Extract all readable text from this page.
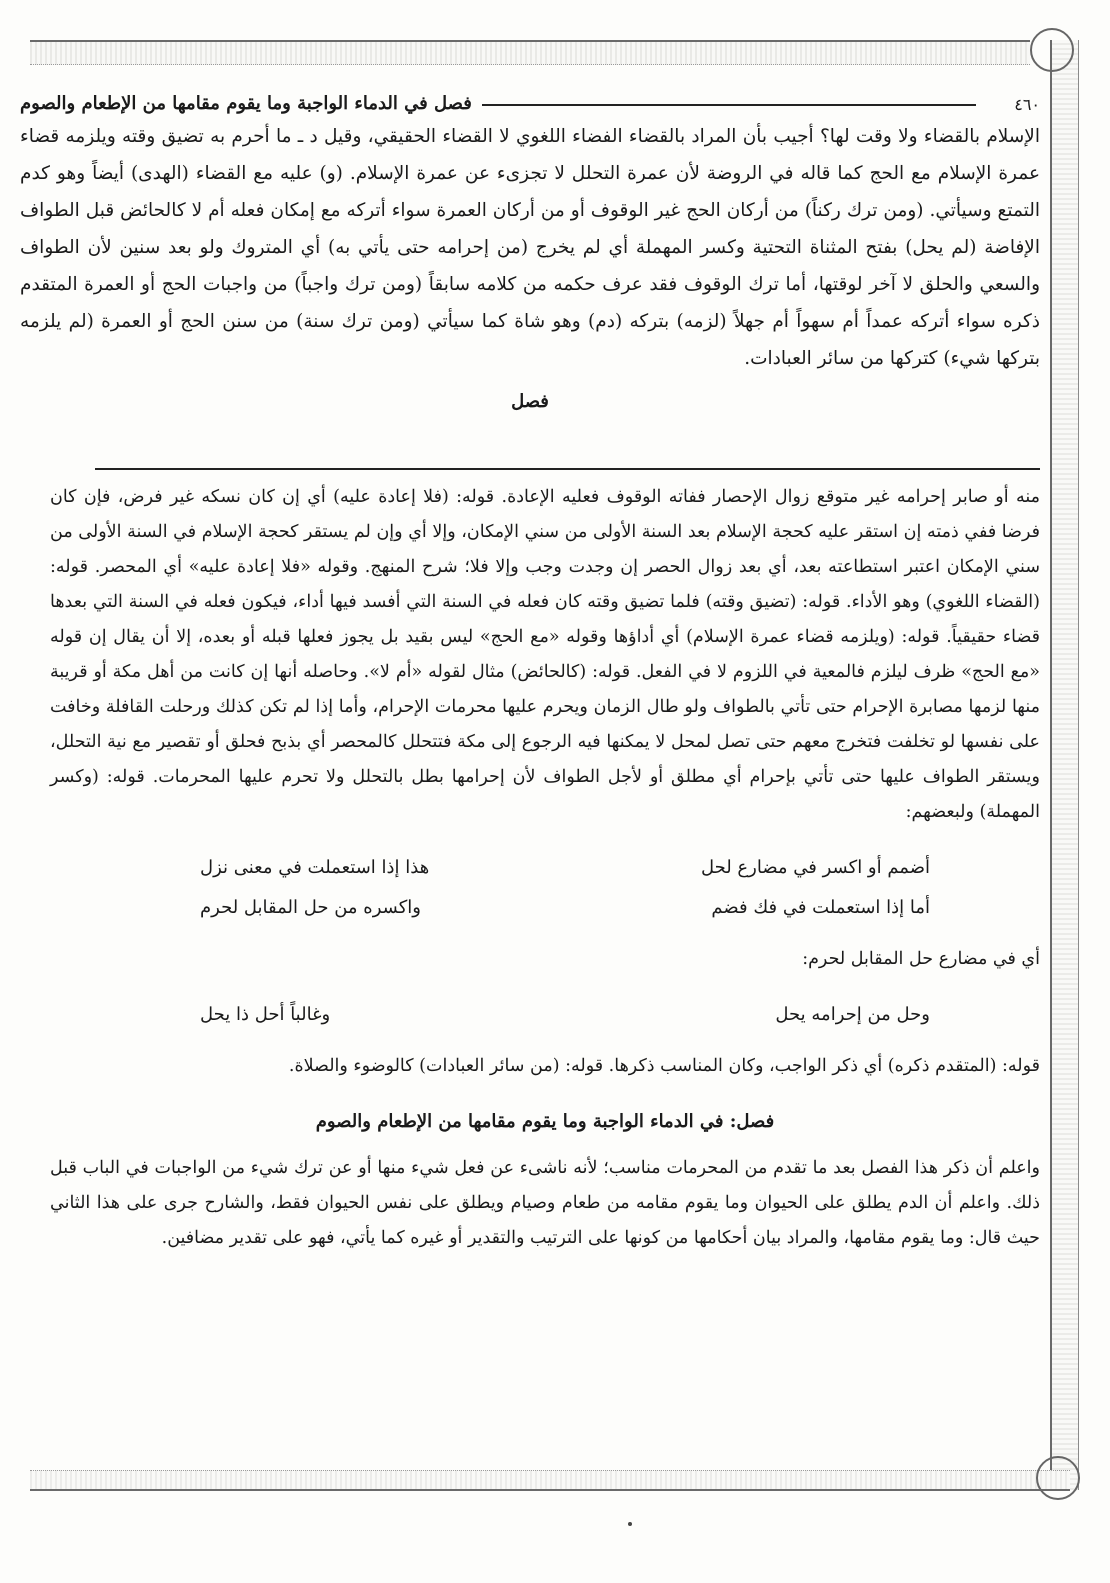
٤٦٠
فصل في الدماء الواجبة وما يقوم مقامها من الإطعام والصوم

الإسلام بالقضاء ولا وقت لها؟ أجيب بأن المراد بالقضاء الفضاء اللغوي لا القضاء الحقيقي، وقيل د ـ ما أحرم به تضيق وقته ويلزمه قضاء عمرة الإسلام مع الحج كما قاله في الروضة لأن عمرة التحلل لا تجزىء عن عمرة الإسلام. (و) عليه مع القضاء (الهدى) أيضاً وهو كدم التمتع وسيأتي. (ومن ترك ركناً) من أركان الحج غير الوقوف أو من أركان العمرة سواء أتركه مع إمكان فعله أم لا كالحائض قبل الطواف الإفاضة (لم يحل) بفتح المثناة التحتية وكسر المهملة أي لم يخرج (من إحرامه حتى يأتي به) أي المتروك ولو بعد سنين لأن الطواف والسعي والحلق لا آخر لوقتها، أما ترك الوقوف فقد عرف حكمه من كلامه سابقاً (ومن ترك واجباً) من واجبات الحج أو العمرة المتقدم ذكره سواء أتركه عمداً أم سهواً أم جهلاً (لزمه) بتركه (دم) وهو شاة كما سيأتي (ومن ترك سنة) من سنن الحج أو العمرة (لم يلزمه بتركها شيء) كتركها من سائر العبادات.

فصل

منه أو صابر إحرامه غير متوقع زوال الإحصار ففاته الوقوف فعليه الإعادة. قوله: (فلا إعادة عليه) أي إن كان نسكه غير فرض، فإن كان فرضا ففي ذمته إن استقر عليه كحجة الإسلام بعد السنة الأولى من سني الإمكان، وإلا أي وإن لم يستقر كحجة الإسلام في السنة الأولى من سني الإمكان اعتبر استطاعته بعد، أي بعد زوال الحصر إن وجدت وجب وإلا فلا؛ شرح المنهج. وقوله «فلا إعادة عليه» أي المحصر. قوله: (القضاء اللغوي) وهو الأداء. قوله: (تضيق وقته) فلما تضيق وقته كان فعله في السنة التي أفسد فيها أداء، فيكون فعله في السنة التي بعدها قضاء حقيقياً. قوله: (ويلزمه قضاء عمرة الإسلام) أي أداؤها وقوله «مع الحج» ليس بقيد بل يجوز فعلها قبله أو بعده، إلا أن يقال إن قوله «مع الحج» ظرف ليلزم فالمعية في اللزوم لا في الفعل. قوله: (كالحائض) مثال لقوله «أم لا». وحاصله أنها إن كانت من أهل مكة أو قريبة منها لزمها مصابرة الإحرام حتى تأتي بالطواف ولو طال الزمان ويحرم عليها محرمات الإحرام، وأما إذا لم تكن كذلك ورحلت القافلة وخافت على نفسها لو تخلفت فتخرج معهم حتى تصل لمحل لا يمكنها فيه الرجوع إلى مكة فتتحلل كالمحصر أي بذبح فحلق أو تقصير مع نية التحلل، ويستقر الطواف عليها حتى تأتي بإحرام أي مطلق أو لأجل الطواف لأن إحرامها بطل بالتحلل ولا تحرم عليها المحرمات. قوله: (وكسر المهملة) ولبعضهم:

أضمم أو اكسر في مضارع لحل
هذا إذا استعملت في معنى نزل
أما إذا استعملت في فك فضم
واكسره من حل المقابل لحرم

أي في مضارع حل المقابل لحرم:

وحل من إحرامه يحل
وغالباً أحل ذا يحل

قوله: (المتقدم ذكره) أي ذكر الواجب، وكان المناسب ذكرها. قوله: (من سائر العبادات) كالوضوء والصلاة.

فصل: في الدماء الواجبة وما يقوم مقامها من الإطعام والصوم

واعلم أن ذكر هذا الفصل بعد ما تقدم من المحرمات مناسب؛ لأنه ناشىء عن فعل شيء منها أو عن ترك شيء من الواجبات في الباب قبل ذلك. واعلم أن الدم يطلق على الحيوان وما يقوم مقامه من طعام وصيام ويطلق على نفس الحيوان فقط، والشارح جرى على هذا الثاني حيث قال: وما يقوم مقامها، والمراد بيان أحكامها من كونها على الترتيب والتقدير أو غيره كما يأتي، فهو على تقدير مضافين.
